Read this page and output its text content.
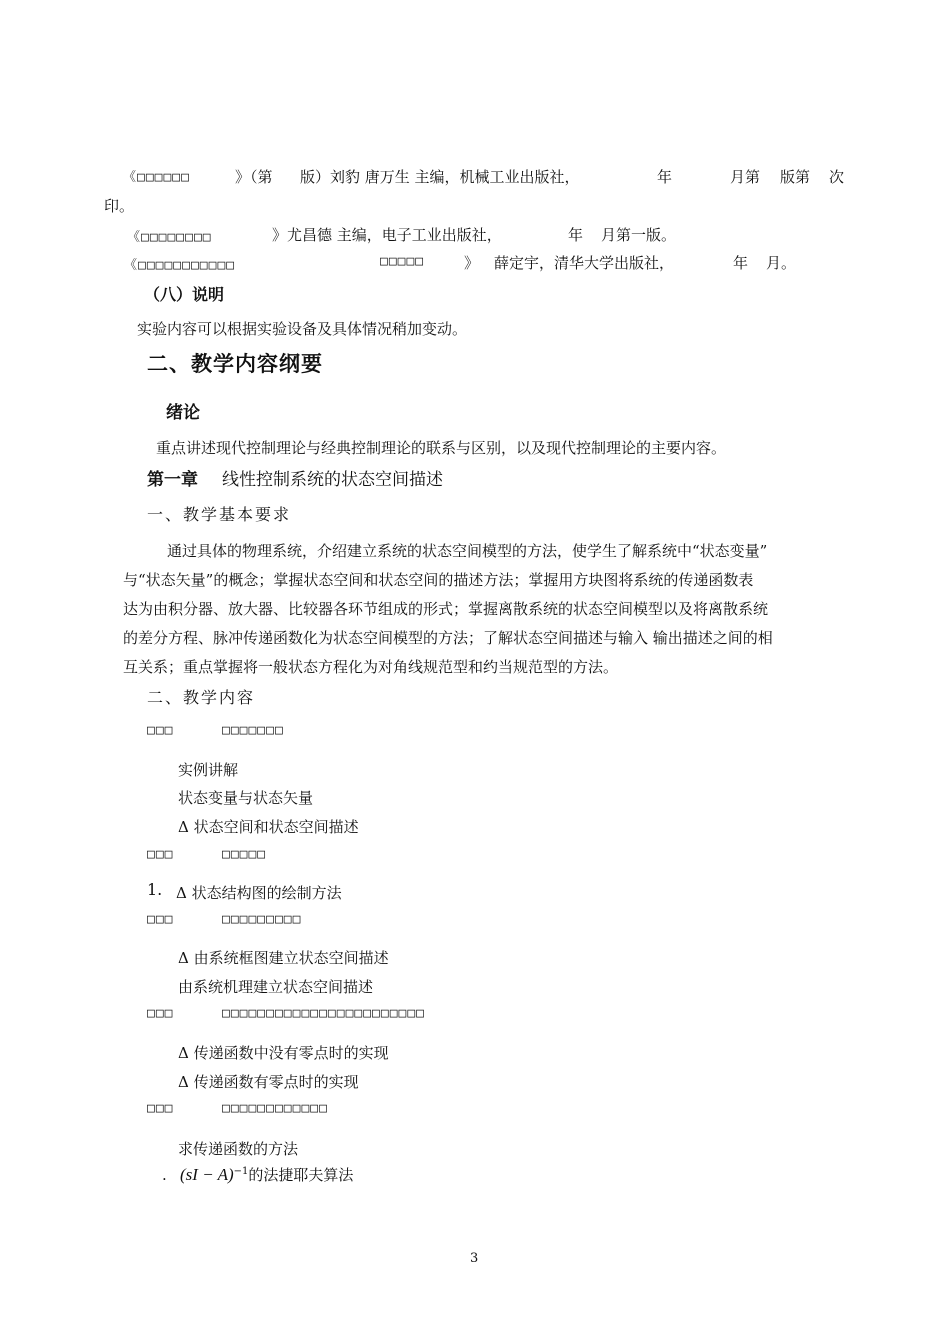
《□□□□□□	》（第 版）刘豹 唐万生 主编，机械工业出版社，	年	月第 版第 次
印。
《□□□□□□□□	》尤昌德 主编，电子工业出版社，	年 月第一版。
《□□□□□□□□□□□	□□□□□	》 薛定宇，清华大学出版社，	年 月。
（八）说明
实验内容可以根据实验设备及具体情况稍加变动。
二、教学内容纲要
绪论
重点讲述现代控制理论与经典控制理论的联系与区别，以及现代控制理论的主要内容。
第一章 线性控制系统的状态空间描述
一、教学基本要求
通过具体的物理系统，介绍建立系统的状态空间模型的方法，使学生了解系统中“状态变量”
与“状态矢量”的概念；掌握状态空间和状态空间的描述方法；掌握用方块图将系统的传递函数表
达为由积分器、放大器、比较器各环节组成的形式；掌握离散系统的状态空间模型以及将离散系统
的差分方程、脉冲传递函数化为状态空间模型的方法；了解状态空间描述与输入 输出描述之间的相
互关系；重点掌握将一般状态方程化为对角线规范型和约当规范型的方法。
二、教学内容
□□□	□□□□□□□
实例讲解
状态变量与状态矢量
Δ 状态空间和状态空间描述
□□□	□□□□□
1. Δ 状态结构图的绘制方法
□□□	□□□□□□□□□
Δ 由系统框图建立状态空间描述
由系统机理建立状态空间描述
□□□	□□□□□□□□□□□□□□□□□□□□□□□
Δ 传递函数中没有零点时的实现
Δ 传递函数有零点时的实现
□□□	□□□□□□□□□□□□
求传递函数的方法
. (sI − A)$^{-1}$的法捷耶夫算法
3
